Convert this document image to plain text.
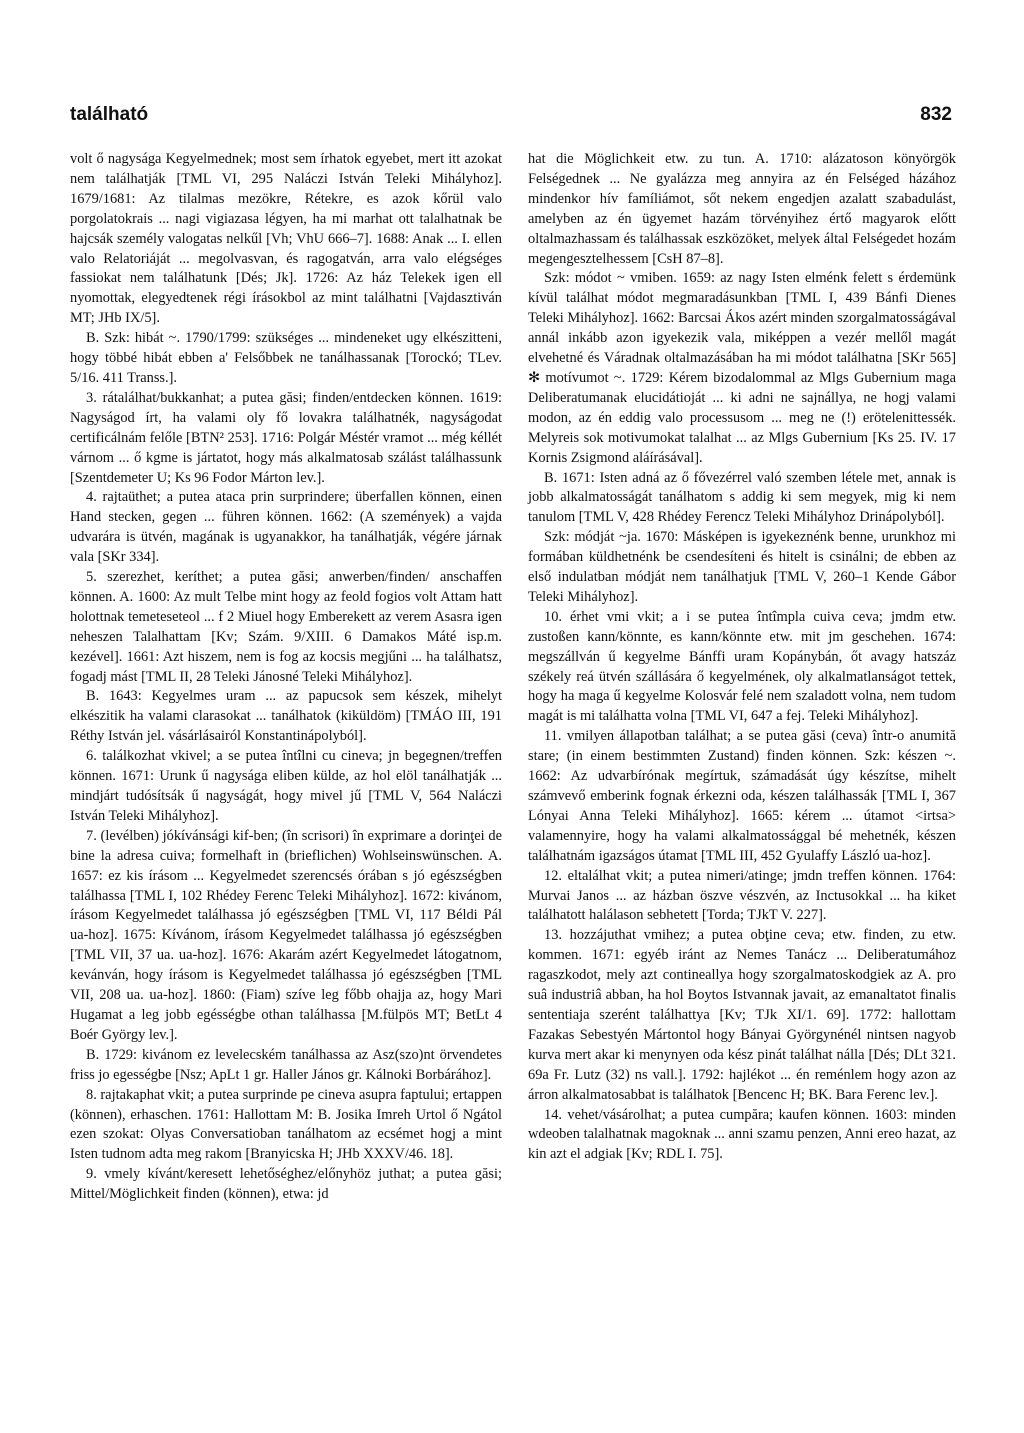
található	832

volt ő nagysága Kegyelmednek; most sem írhatok egyebet, mert itt azokat nem találhatják [TML VI, 295 Naláczi István Teleki Mihályhoz]. 1679/1681: Az tilalmas mezökre, Rétekre, es azok kőrül valo porgolatokrais ... nagi vigiazasa légyen, ha mi marhat ott talalhatnak be hajcsák személy valogatas nelkűl [Vh; VhU 666–7]. 1688: Anak ... I. ellen valo Relatoriáját ... megolvasvan, és ragogatván, arra valo elégséges fassiokat nem találhatunk [Dés; Jk]. 1726: Az ház Telekek igen ell nyomottak, elegyedtenek régi írásokbol az mint találhatni [Vajdasztiván MT; JHb IX/5].

B. Szk: hibát ~. 1790/1799: szükséges ... mindeneket ugy elkészitteni, hogy többé hibát ebben a' Felsőbbek ne tanálhassanak [Torockó; TLev. 5/16. 411 Transs.].

3. rátalálhat/bukkanhat; a putea găsi; finden/entdecken können. 1619: Nagyságod írt, ha valami oly fő lovakra találhatnék, nagyságodat certificálnám felőle [BTN² 253]. 1716: Polgár Méstér vramot ... még kéllét várnom ... ő kgme is jártatot, hogy más alkalmatosab szálást találhassunk [Szentdemeter U; Ks 96 Fodor Márton lev.].

4. rajtaüthet; a putea ataca prin surprindere; überfallen können, einen Hand stecken, gegen ... führen können. 1662: (A szemények) a vajda udvarára is ütvén, magának is ugyanakkor, ha tanálhatják, végére járnak vala [SKr 334].

5. szerezhet, keríthet; a putea găsi; anwerben/finden/ anschaffen können. A. 1600: Az mult Telbe mint hogy az feold fogios volt Attam hatt holottnak temeteseteol ... f 2 Miuel hogy Emberekett az verem Asasra igen neheszen Talalhattam [Kv; Szám. 9/XIII. 6 Damakos Máté isp.m. kezével]. 1661: Azt hiszem, nem is fog az kocsis megjűni ... ha találhatsz, fogadj mást [TML II, 28 Teleki Jánosné Teleki Mihályhoz].

B. 1643: Kegyelmes uram ... az papucsok sem készek, mihelyt elkészitik ha valami clarasokat ... tanálhatok (kiküldöm) [TMÁO III, 191 Réthy István jel. vásárlásairól Konstantinápolyból].

6. találkozhat vkivel; a se putea întîlni cu cineva; jn begegnen/treffen können. 1671: Urunk ű nagysága eliben külde, az hol elöl tanálhatják ... mindjárt tudósítsák ű nagyságát, hogy mivel jű [TML V, 564 Naláczi István Teleki Mihályhoz].

7. (levélben) jókívánsági kif-ben; (în scrisori) în exprimare a dorinţei de bine la adresa cuiva; formelhaft in (brieflichen) Wohlseinswünschen. A. 1657: ez kis írásom ... Kegyelmedet szerencsés órában s jó egészségben találhassa [TML I, 102 Rhédey Ferenc Teleki Mihályhoz]. 1672: kivánom, írásom Kegyelmedet találhassa jó egészségben [TML VI, 117 Béldi Pál ua-hoz]. 1675: Kívánom, írásom Kegyelmedet találhassa jó egészségben [TML VII, 37 ua. ua-hoz]. 1676: Akarám azért Kegyelmedet látogatnom, kevánván, hogy írásom is Kegyelmedet találhassa jó egészségben [TML VII, 208 ua. ua-hoz]. 1860: (Fiam) szíve leg főbb ohajja az, hogy Mari Hugamat a leg jobb egésségbe othan találhassa [M.fülpös MT; BetLt 4 Boér György lev.].

B. 1729: kivánom ez levelecském tanálhassa az Asz(szo)nt örvendetes friss jo egességbe [Nsz; ApLt 1 gr. Haller János gr. Kálnoki Borbárához].

8. rajtakaphat vkit; a putea surprinde pe cineva asupra faptului; ertappen (können), erhaschen. 1761: Hallottam M: B. Josika Imreh Urtol ő Ngátol ezen szokat: Olyas Conversatioban tanálhatom az ecsémet hogj a mint Isten tudnom adta meg rakom [Branyicska H; JHb XXXV/46. 18].

9. vmely kívánt/keresett lehetőséghez/előnyhöz juthat; a putea găsi; Mittel/Möglichkeit finden (können), etwa: jd

hat die Möglichkeit etw. zu tun. A. 1710: alázatoson könyörgök Felségednek ... Ne gyalázza meg annyira az én Felséged házához mindenkor hív famíliámot, sőt nekem engedjen azalatt szabadulást, amelyben az én ügyemet hazám törvényihez értő magyarok előtt oltalmazhassam és találhassak eszközöket, melyek által Felségedet hozám megengesztelhessem [CsH 87–8].

Szk: módot ~ vmiben. 1659: az nagy Isten elménk felett s érdemünk kívül találhat módot megmaradásunkban [TML I, 439 Bánfi Dienes Teleki Mihályhoz]. 1662: Barcsai Ákos azért minden szorgalmatosságával annál inkább azon igyekezik vala, miképpen a vezér mellől magát elvehetné és Váradnak oltalmazásában ha mi módot találhatna [SKr 565] ✻ motívumot ~. 1729: Kérem bizodalommal az Mlgs Gubernium maga Deliberatumanak elucidátioját ... ki adni ne sajnállya, ne hogj valami modon, az én eddig valo processusom ... meg ne (!) erötelenittessék. Melyreis sok motivumokat talalhat ... az Mlgs Gubernium [Ks 25. IV. 17 Kornis Zsigmond aláírásával].

B. 1671: Isten adná az ő fővezérrel való szemben létele met, annak is jobb alkalmatosságát tanálhatom s addig ki sem megyek, mig ki nem tanulom [TML V, 428 Rhédey Ferencz Teleki Mihályhoz Drinápolyból].

Szk: módját ~ja. 1670: Másképen is igyekeznénk benne, urunkhoz mi formában küldhetnénk be csendesíteni és hitelt is csinálni; de ebben az első indulatban módját nem tanálhatjuk [TML V, 260–1 Kende Gábor Teleki Mihályhoz].

10. érhet vmi vkit; a i se putea întîmpla cuiva ceva; jmdm etw. zustoßen kann/könnte, es kann/könnte etw. mit jm geschehen. 1674: megszállván ű kegyelme Bánffi uram Kopánybán, őt avagy hatszáz székely reá ütvén szállására ő kegyelmének, oly alkalmatlanságot tettek, hogy ha maga ű kegyelme Kolosvár felé nem szaladott volna, nem tudom magát is mi találhatta volna [TML VI, 647 a fej. Teleki Mihályhoz].

11. vmilyen állapotban találhat; a se putea găsi (ceva) într-o anumită stare; (in einem bestimmten Zustand) finden können. Szk: készen ~. 1662: Az udvarbírónak megírtuk, számadását úgy készítse, mihelt számvevő emberink fognak érkezni oda, készen találhassák [TML I, 367 Lónyai Anna Teleki Mihályhoz]. 1665: kérem ... útamot <irtsa> valamennyire, hogy ha valami alkalmatossággal bé mehetnék, készen találhatnám igazságos útamat [TML III, 452 Gyulaffy László ua-hoz].

12. eltalálhat vkit; a putea nimeri/atinge; jmdn treffen können. 1764: Murvai Janos ... az házban öszve vészvén, az Inctusokkal ... ha kiket találhatott halálason sebhetett [Torda; TJkT V. 227].

13. hozzájuthat vmihez; a putea obţine ceva; etw. finden, zu etw. kommen. 1671: egyéb iránt az Nemes Tanácz ... Deliberatumához ragaszkodot, mely azt contineallya hogy szorgalmatoskodgiek az A. pro suâ industriâ abban, ha hol Boytos Istvannak javait, az emanaltatot finalis sententiaja szerént találhattya [Kv; TJk XI/1. 69]. 1772: hallottam Fazakas Sebestyén Mártontol hogy Bányai Györgynénél nintsen nagyob kurva mert akar ki menynyen oda kész pinát találhat nálla [Dés; DLt 321. 69a Fr. Lutz (32) ns vall.]. 1792: hajlékot ... én reménlem hogy azon az árron alkalmatosabbat is találhatok [Bencenc H; BK. Bara Ferenc lev.].

14. vehet/vásárolhat; a putea cumpăra; kaufen können. 1603: minden wdeoben talalhatnak magoknak ... anni szamu penzen, Anni ereo hazat, az kin azt el adgiak [Kv; RDL I. 75].
